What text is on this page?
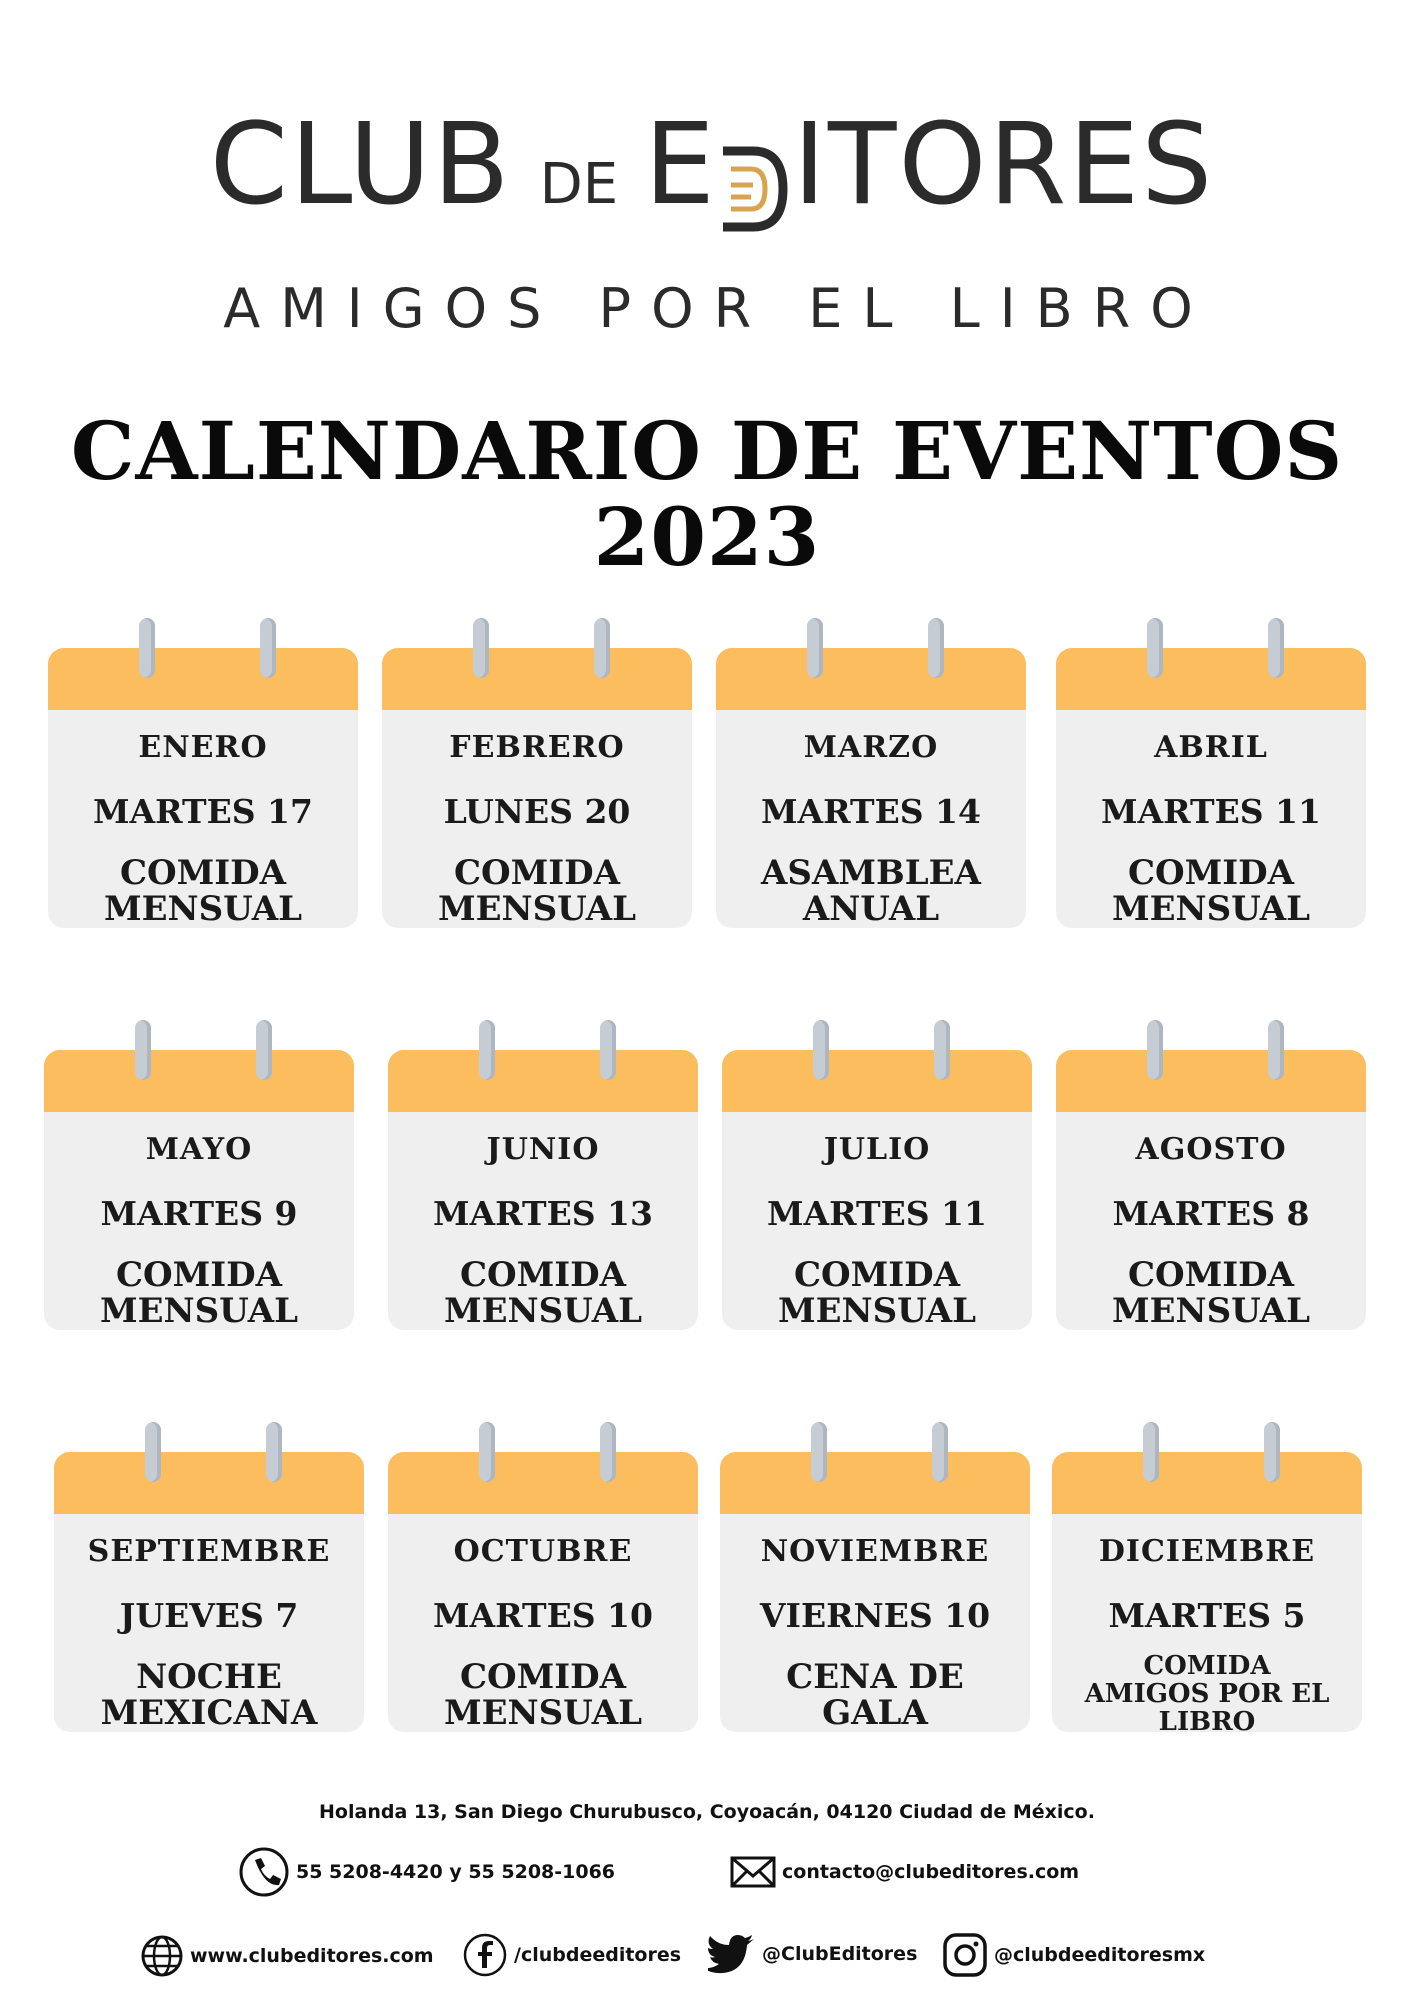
CLUB DE E ITORES
AMIGOS POR EL LIBRO
CALENDARIO DE EVENTOS
2023
ENERO
MARTES 17
COMIDA
MENSUAL
FEBRERO
LUNES 20
COMIDA
MENSUAL
MARZO
MARTES 14
ASAMBLEA
ANUAL
ABRIL
MARTES 11
COMIDA
MENSUAL
MAYO
MARTES 9
COMIDA
MENSUAL
JUNIO
MARTES 13
COMIDA
MENSUAL
JULIO
MARTES 11
COMIDA
MENSUAL
AGOSTO
MARTES 8
COMIDA
MENSUAL
SEPTIEMBRE
JUEVES 7
NOCHE
MEXICANA
OCTUBRE
MARTES 10
COMIDA
MENSUAL
NOVIEMBRE
VIERNES 10
CENA DE
GALA
DICIEMBRE
MARTES 5
COMIDA
AMIGOS POR EL
LIBRO
Holanda 13, San Diego Churubusco, Coyoacán, 04120 Ciudad de México.
55 5208-4420 y 55 5208-1066	contacto@clubeditores.com
www.clubeditores.com	/clubdeeditores	@ClubEditores	@clubdeeditoresmx
